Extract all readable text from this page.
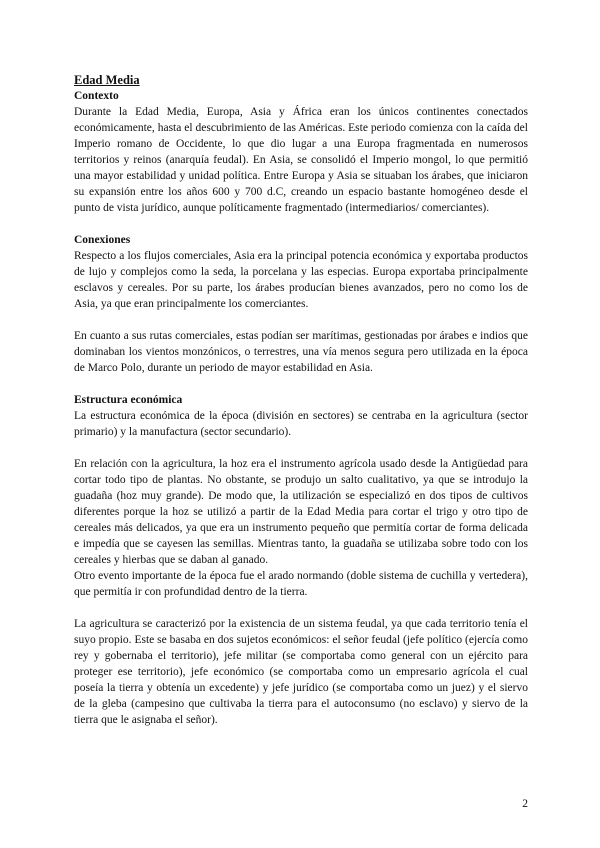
Edad Media
Contexto

Durante la Edad Media, Europa, Asia y África eran los únicos continentes conectados económicamente, hasta el descubrimiento de las Américas. Este periodo comienza con la caída del Imperio romano de Occidente, lo que dio lugar a una Europa fragmentada en numerosos territorios y reinos (anarquía feudal). En Asia, se consolidó el Imperio mongol, lo que permitió una mayor estabilidad y unidad política. Entre Europa y Asia se situaban los árabes, que iniciaron su expansión entre los años 600 y 700 d.C, creando un espacio bastante homogéneo desde el punto de vista jurídico, aunque políticamente fragmentado (intermediarios/ comerciantes).

Conexiones

Respecto a los flujos comerciales, Asia era la principal potencia económica y exportaba productos de lujo y complejos como la seda, la porcelana y las especias. Europa exportaba principalmente esclavos y cereales. Por su parte, los árabes producían bienes avanzados, pero no como los de Asia, ya que eran principalmente los comerciantes.

En cuanto a sus rutas comerciales, estas podían ser marítimas, gestionadas por árabes e indios que dominaban los vientos monzónicos, o terrestres, una vía menos segura pero utilizada en la época de Marco Polo, durante un periodo de mayor estabilidad en Asia.

Estructura económica

La estructura económica de la época (división en sectores) se centraba en la agricultura (sector primario) y la manufactura (sector secundario).

En relación con la agricultura, la hoz era el instrumento agrícola usado desde la Antigüedad para cortar todo tipo de plantas. No obstante, se produjo un salto cualitativo, ya que se introdujo la guadaña (hoz muy grande). De modo que, la utilización se especializó en dos tipos de cultivos diferentes porque la hoz se utilizó a partir de la Edad Media para cortar el trigo y otro tipo de cereales más delicados, ya que era un instrumento pequeño que permitía cortar de forma delicada e impedía que se cayesen las semillas. Mientras tanto, la guadaña se utilizaba sobre todo con los cereales y hierbas que se daban al ganado.

Otro evento importante de la época fue el arado normando (doble sistema de cuchilla y vertedera), que permitía ir con profundidad dentro de la tierra.

La agricultura se caracterizó por la existencia de un sistema feudal, ya que cada territorio tenía el suyo propio. Este se basaba en dos sujetos económicos: el señor feudal (jefe político (ejercía como rey y gobernaba el territorio), jefe militar (se comportaba como general con un ejército para proteger ese territorio), jefe económico (se comportaba como un empresario agrícola el cual poseía la tierra y obtenía un excedente) y jefe jurídico (se comportaba como un juez) y el siervo de la gleba (campesino que cultivaba la tierra para el autoconsumo (no esclavo) y siervo de la tierra que le asignaba el señor).

2
